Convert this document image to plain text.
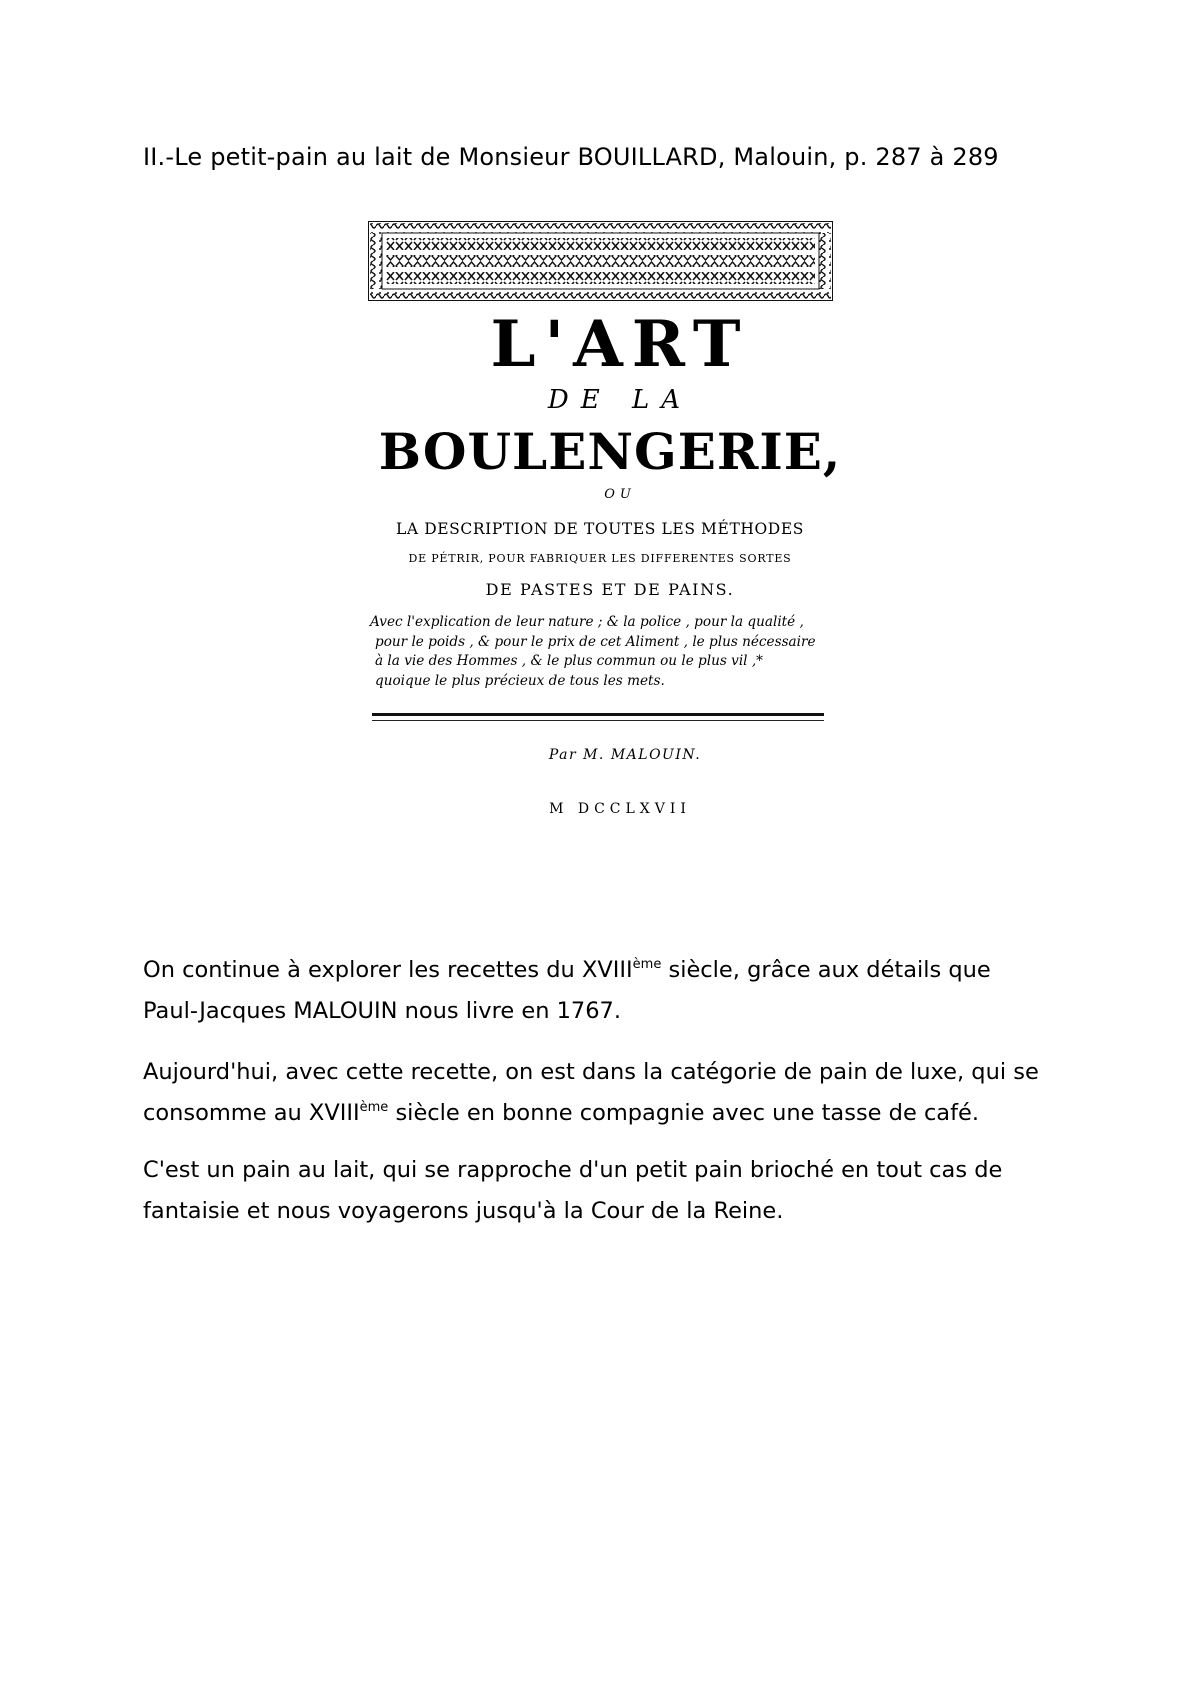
II.-Le petit-pain au lait de Monsieur BOUILLARD, Malouin, p. 287 à 289
L'ART
DE LA
BOULENGERIE,
OU
LA DESCRIPTION DE TOUTES LES MÉTHODES
DE PÉTRIR, POUR FABRIQUER LES DIFFERENTES SORTES
DE PASTES ET DE PAINS.
Avec l'explication de leur nature ; & la police , pour la qualité ,
pour le poids , & pour le prix de cet Aliment , le plus nécessaire
à la vie des Hommes , & le plus commun ou le plus vil ,*
quoique le plus précieux de tous les mets.
Par M. MALOUIN.
M DCCLXVII
On continue à explorer les recettes du XVIIIème siècle, grâce aux détails que Paul-Jacques MALOUIN nous livre en 1767.
Aujourd'hui, avec cette recette, on est dans la catégorie de pain de luxe, qui se consomme au XVIIIème siècle en bonne compagnie avec une tasse de café.
C'est un pain au lait, qui se rapproche d'un petit pain brioché en tout cas de fantaisie et nous voyagerons jusqu'à la Cour de la Reine.
